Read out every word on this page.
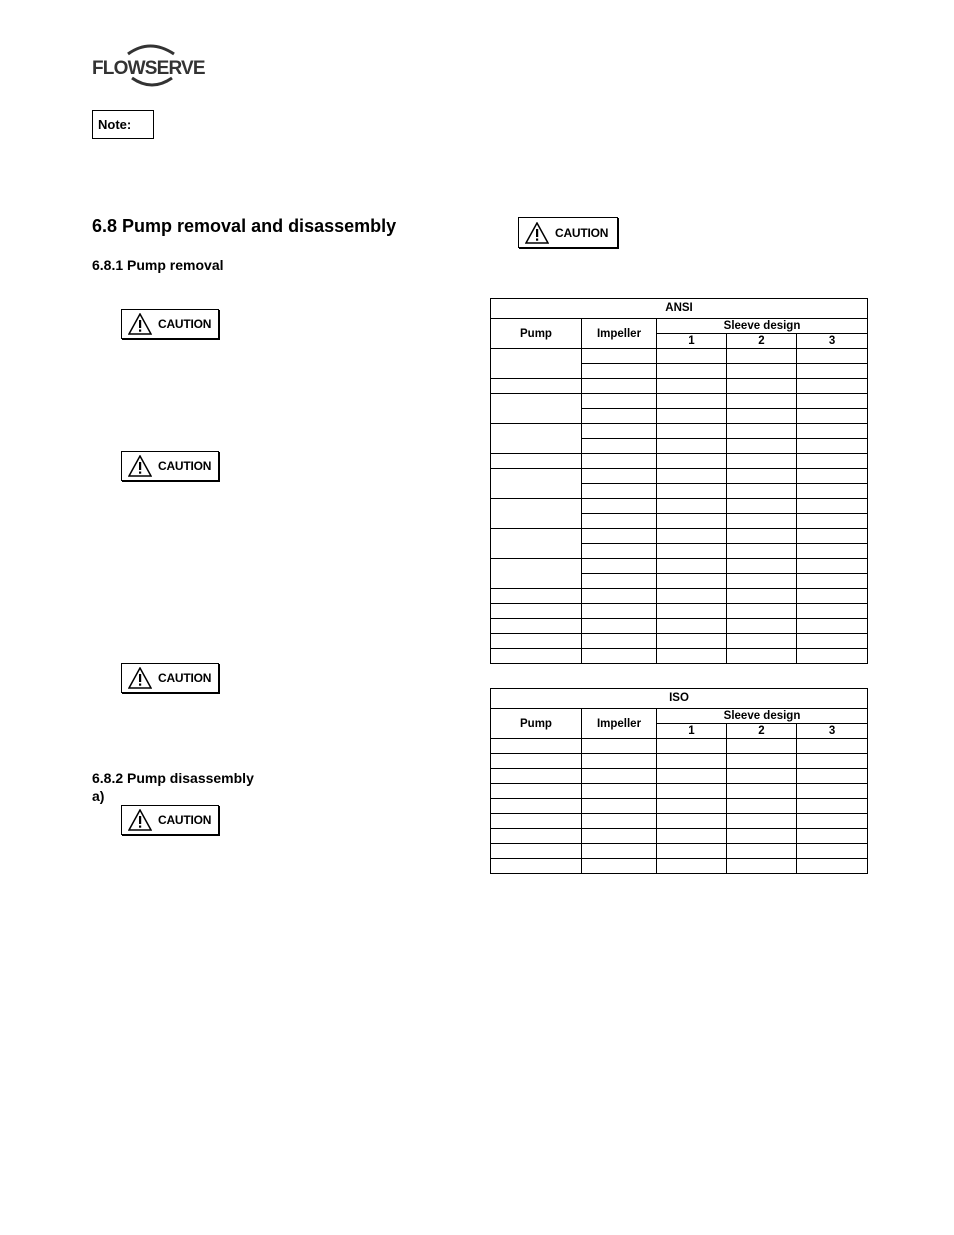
FLOWSERVE
Note:
6.8 Pump removal and disassembly
6.8.1 Pump removal
6.8.2 Pump disassembly
a)
CAUTION
CAUTION
CAUTION
CAUTION
CAUTION
ANSI				
Pump	Impeller	Sleeve design		
		1	2	3

ISO				
Pump	Impeller	Sleeve design		
		1	2	3
